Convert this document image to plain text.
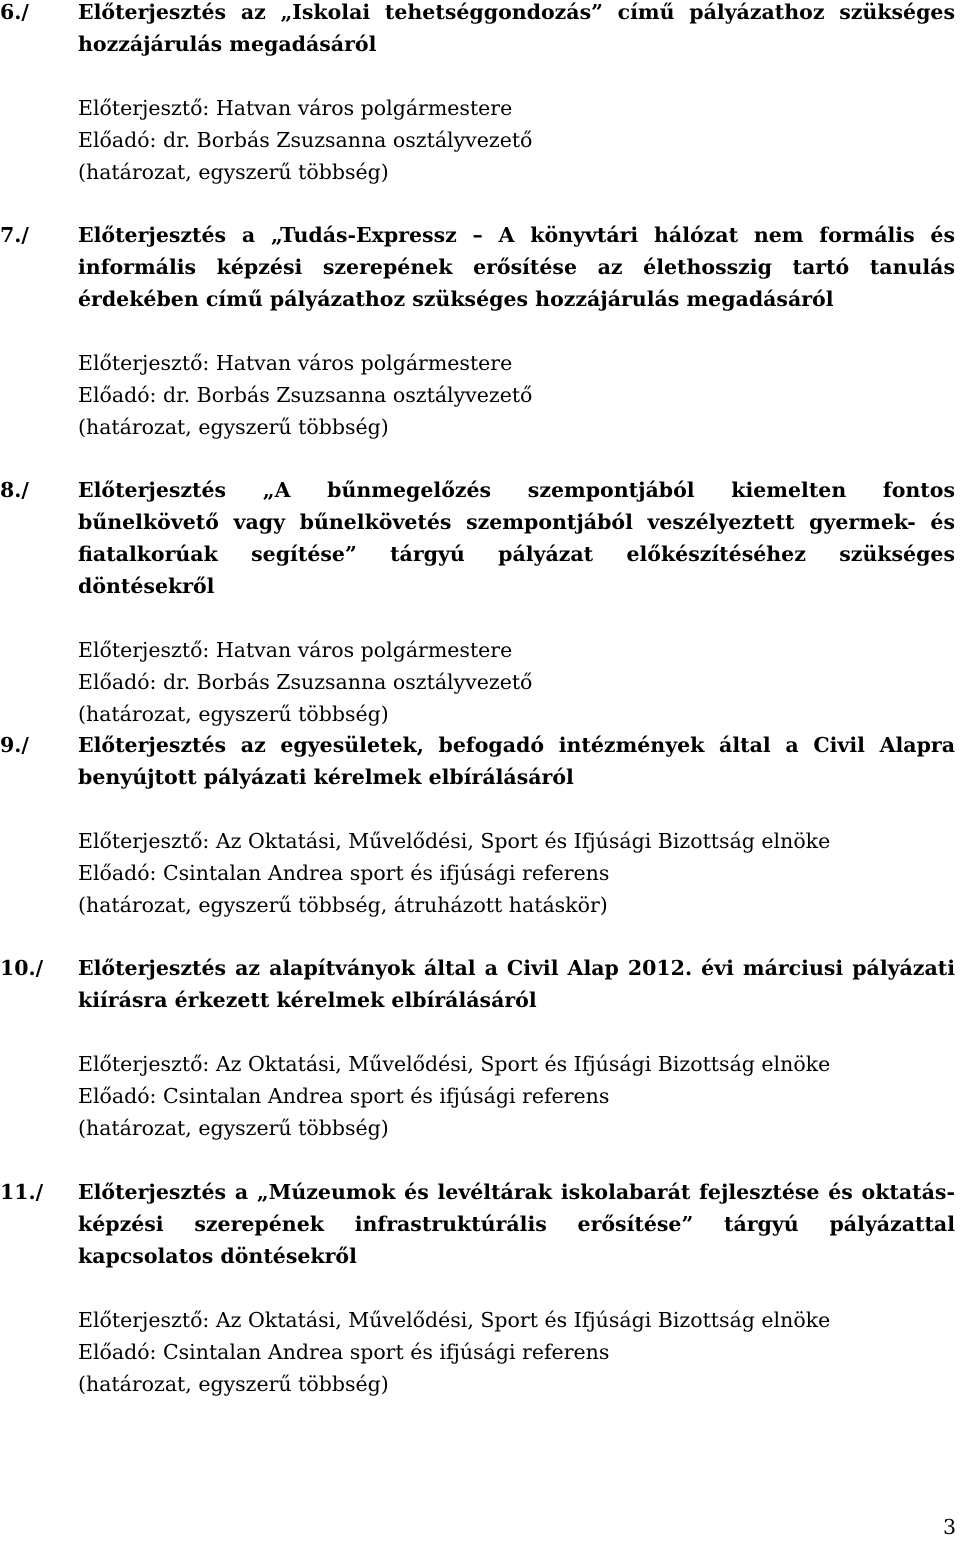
6./ Előterjesztés az „Iskolai tehetséggondozás” című pályázathoz szükséges hozzájárulás megadásáról
Előterjesztő: Hatvan város polgármestere
Előadó: dr. Borbás Zsuzsanna osztályvezető
(határozat, egyszerű többség)
7./ Előterjesztés a „Tudás-Expressz – A könyvtári hálózat nem formális és informális képzési szerepének erősítése az élethosszig tartó tanulás érdekében című pályázathoz szükséges hozzájárulás megadásáról
Előterjesztő: Hatvan város polgármestere
Előadó: dr. Borbás Zsuzsanna osztályvezető
(határozat, egyszerű többség)
8./ Előterjesztés „A bűnmegelőzés szempontjából kiemelten fontos bűnelkövető vagy bűnelkövetés szempontjából veszélyeztett gyermek- és fiatalkorúak segítése” tárgyú pályázat előkészítéséhez szükséges döntésekről
Előterjesztő: Hatvan város polgármestere
Előadó: dr. Borbás Zsuzsanna osztályvezető
(határozat, egyszerű többség)
9./ Előterjesztés az egyesületek, befogadó intézmények által a Civil Alapra benyújtott pályázati kérelmek elbírálásáról
Előterjesztő: Az Oktatási, Művelődési, Sport és Ifjúsági Bizottság elnöke
Előadó: Csintalan Andrea sport és ifjúsági referens
(határozat, egyszerű többség, átruházott hatáskör)
10./ Előterjesztés az alapítványok által a Civil Alap 2012. évi márciusi pályázati kiírásra érkezett kérelmek elbírálásáról
Előterjesztő: Az Oktatási, Művelődési, Sport és Ifjúsági Bizottság elnöke
Előadó: Csintalan Andrea sport és ifjúsági referens
(határozat, egyszerű többség)
11./ Előterjesztés a „Múzeumok és levéltárak iskolabarát fejlesztése és oktatás-képzési szerepének infrastruktúrális erősítése” tárgyú pályázattal kapcsolatos döntésekről
Előterjesztő: Az Oktatási, Művelődési, Sport és Ifjúsági Bizottság elnöke
Előadó: Csintalan Andrea sport és ifjúsági referens
(határozat, egyszerű többség)
3
